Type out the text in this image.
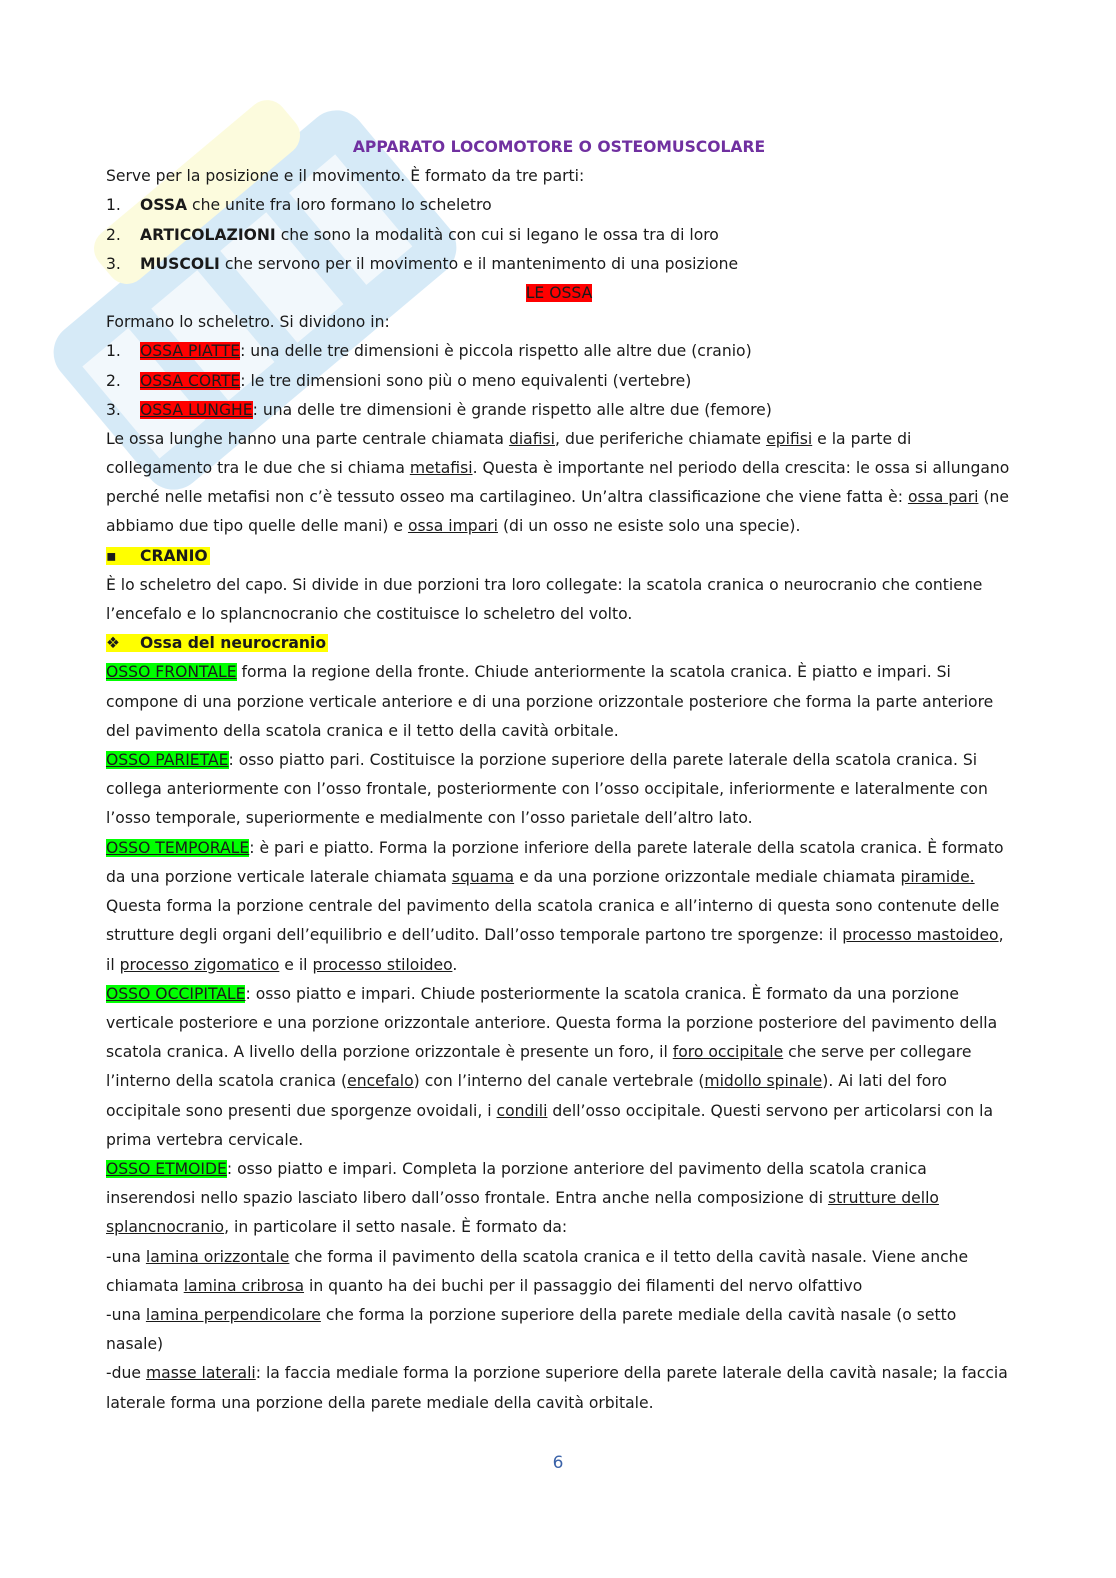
APPARATO LOCOMOTORE O OSTEOMUSCOLARE
Serve per la posizione e il movimento. È formato da tre parti:
1. OSSA che unite fra loro formano lo scheletro
2. ARTICOLAZIONI che sono la modalità con cui si legano le ossa tra di loro
3. MUSCOLI che servono per il movimento e il mantenimento di una posizione
LE OSSA
Formano lo scheletro. Si dividono in:
1. OSSA PIATTE: una delle tre dimensioni è piccola rispetto alle altre due (cranio)
2. OSSA CORTE: le tre dimensioni sono più o meno equivalenti (vertebre)
3. OSSA LUNGHE: una delle tre dimensioni è grande rispetto alle altre due (femore)
Le ossa lunghe hanno una parte centrale chiamata diafisi, due periferiche chiamate epifisi e la parte di collegamento tra le due che si chiama metafisi. Questa è importante nel periodo della crescita: le ossa si allungano perché nelle metafisi non c’è tessuto osseo ma cartilagineo. Un’altra classificazione che viene fatta è: ossa pari (ne abbiamo due tipo quelle delle mani) e ossa impari (di un osso ne esiste solo una specie).
▪ CRANIO
È lo scheletro del capo. Si divide in due porzioni tra loro collegate: la scatola cranica o neurocranio che contiene l’encefalo e lo splancnocranio che costituisce lo scheletro del volto.
❖ Ossa del neurocranio
OSSO FRONTALE forma la regione della fronte. Chiude anteriormente la scatola cranica. È piatto e impari. Si compone di una porzione verticale anteriore e di una porzione orizzontale posteriore che forma la parte anteriore del pavimento della scatola cranica e il tetto della cavità orbitale.
OSSO PARIETAE: osso piatto pari. Costituisce la porzione superiore della parete laterale della scatola cranica. Si collega anteriormente con l’osso frontale, posteriormente con l’osso occipitale, inferiormente e lateralmente con l’osso temporale, superiormente e medialmente con l’osso parietale dell’altro lato.
OSSO TEMPORALE: è pari e piatto. Forma la porzione inferiore della parete laterale della scatola cranica. È formato da una porzione verticale laterale chiamata squama e da una porzione orizzontale mediale chiamata piramide. Questa forma la porzione centrale del pavimento della scatola cranica e all’interno di questa sono contenute delle strutture degli organi dell’equilibrio e dell’udito. Dall’osso temporale partono tre sporgenze: il processo mastoideo, il processo zigomatico e il processo stiloideo.
OSSO OCCIPITALE: osso piatto e impari. Chiude posteriormente la scatola cranica. È formato da una porzione verticale posteriore e una porzione orizzontale anteriore. Questa forma la porzione posteriore del pavimento della scatola cranica. A livello della porzione orizzontale è presente un foro, il foro occipitale che serve per collegare l’interno della scatola cranica (encefalo) con l’interno del canale vertebrale (midollo spinale). Ai lati del foro occipitale sono presenti due sporgenze ovoidali, i condili dell’osso occipitale. Questi servono per articolarsi con la prima vertebra cervicale.
OSSO ETMOIDE: osso piatto e impari. Completa la porzione anteriore del pavimento della scatola cranica inserendosi nello spazio lasciato libero dall’osso frontale. Entra anche nella composizione di strutture dello splancnocranio, in particolare il setto nasale. È formato da:
-una lamina orizzontale che forma il pavimento della scatola cranica e il tetto della cavità nasale. Viene anche chiamata lamina cribrosa in quanto ha dei buchi per il passaggio dei filamenti del nervo olfattivo
-una lamina perpendicolare che forma la porzione superiore della parete mediale della cavità nasale (o setto nasale)
-due masse laterali: la faccia mediale forma la porzione superiore della parete laterale della cavità nasale; la faccia laterale forma una porzione della parete mediale della cavità orbitale.
6
